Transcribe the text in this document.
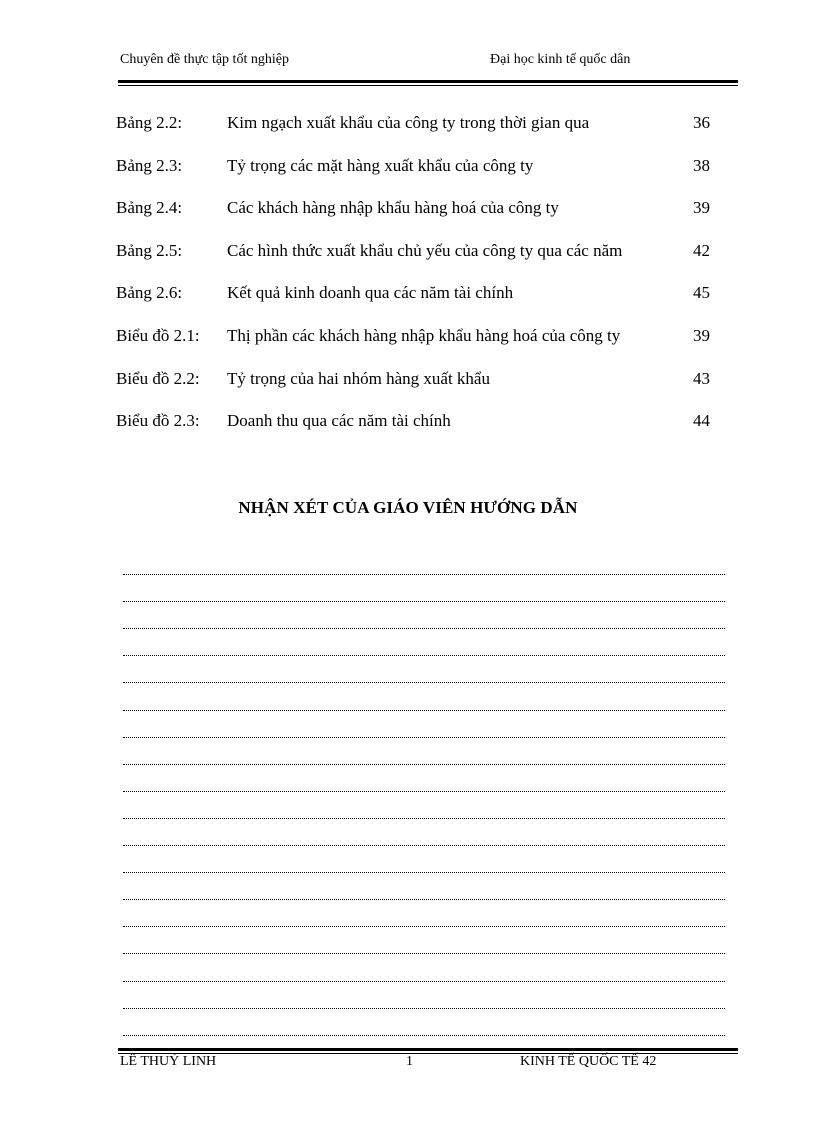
Chuyên đề thực tập tốt nghiệp	Đại học kinh tế quốc dân
Bảng 2.2:	Kim ngạch xuất khẩu của công ty trong thời gian qua	36
Bảng 2.3:	Tỷ trọng các mặt hàng xuất khẩu của công ty	38
Bảng 2.4:	Các khách hàng nhập khẩu hàng hoá của công ty	39
Bảng 2.5:	Các hình thức xuất khẩu chủ yếu của công ty qua các năm	42
Bảng 2.6:	Kết quả kinh doanh qua các năm tài chính	45
Biểu đồ 2.1: Thị phần các khách hàng nhập khẩu hàng hoá của công ty	39
Biểu đồ 2.2: Tỷ trọng của hai nhóm hàng xuất khẩu	43
Biểu đồ 2.3: Doanh thu qua các năm tài chính	44
NHẬN XÉT CỦA GIÁO VIÊN HƯỚNG DẪN
LÊ THUỶ LINH	1	KINH TẾ QUỐC TẾ 42
